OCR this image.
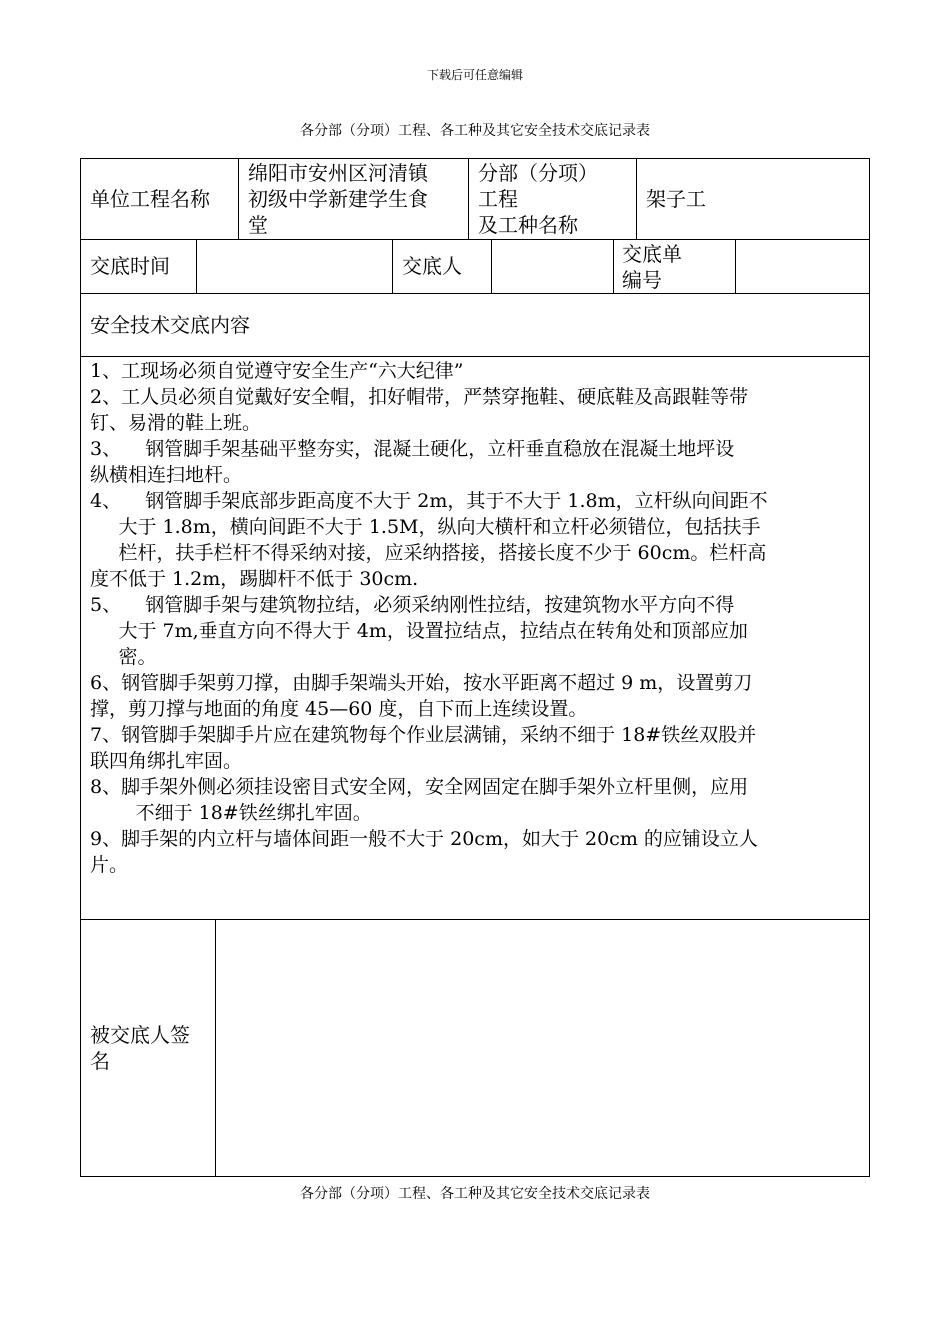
下载后可任意编辑
各分部（分项）工程、各工种及其它安全技术交底记录表
单位工程名称
绵阳市安州区河清镇
初级中学新建学生食
堂
分部（分项）
工程
及工种名称
架子工
交底时间	交底人	交底单
编号
安全技术交底内容
1、工现场必须自觉遵守安全生产“六大纪律”
2、工人员必须自觉戴好安全帽，扣好帽带，严禁穿拖鞋、硬底鞋及高跟鞋等带
钉、易滑的鞋上班。
3、    钢管脚手架基础平整夯实，混凝土硬化，立杆垂直稳放在混凝土地坪设
纵横相连扫地杆。
4、    钢管脚手架底部步距高度不大于 2m，其于不大于 1.8m，立杆纵向间距不
大于 1.8m，横向间距不大于 1.5M，纵向大横杆和立杆必须错位，包括扶手
栏杆，扶手栏杆不得采纳对接，应采纳搭接，搭接长度不少于 60cm。栏杆高
度不低于 1.2m，踢脚杆不低于 30cm.
5、    钢管脚手架与建筑物拉结，必须采纳刚性拉结，按建筑物水平方向不得
大于 7m,垂直方向不得大于 4m，设置拉结点，拉结点在转角处和顶部应加
密。
6、钢管脚手架剪刀撑，由脚手架端头开始，按水平距离不超过 9 m，设置剪刀
撑，剪刀撑与地面的角度 45—60 度，自下而上连续设置。
7、钢管脚手架脚手片应在建筑物每个作业层满铺，采纳不细于 18#铁丝双股并
联四角绑扎牢固。
8、脚手架外侧必须挂设密目式安全网，安全网固定在脚手架外立杆里侧，应用
不细于 18#铁丝绑扎牢固。
9、脚手架的内立杆与墙体间距一般不大于 20cm，如大于 20cm 的应铺设立人
片。
被交底人签
名
各分部（分项）工程、各工种及其它安全技术交底记录表
